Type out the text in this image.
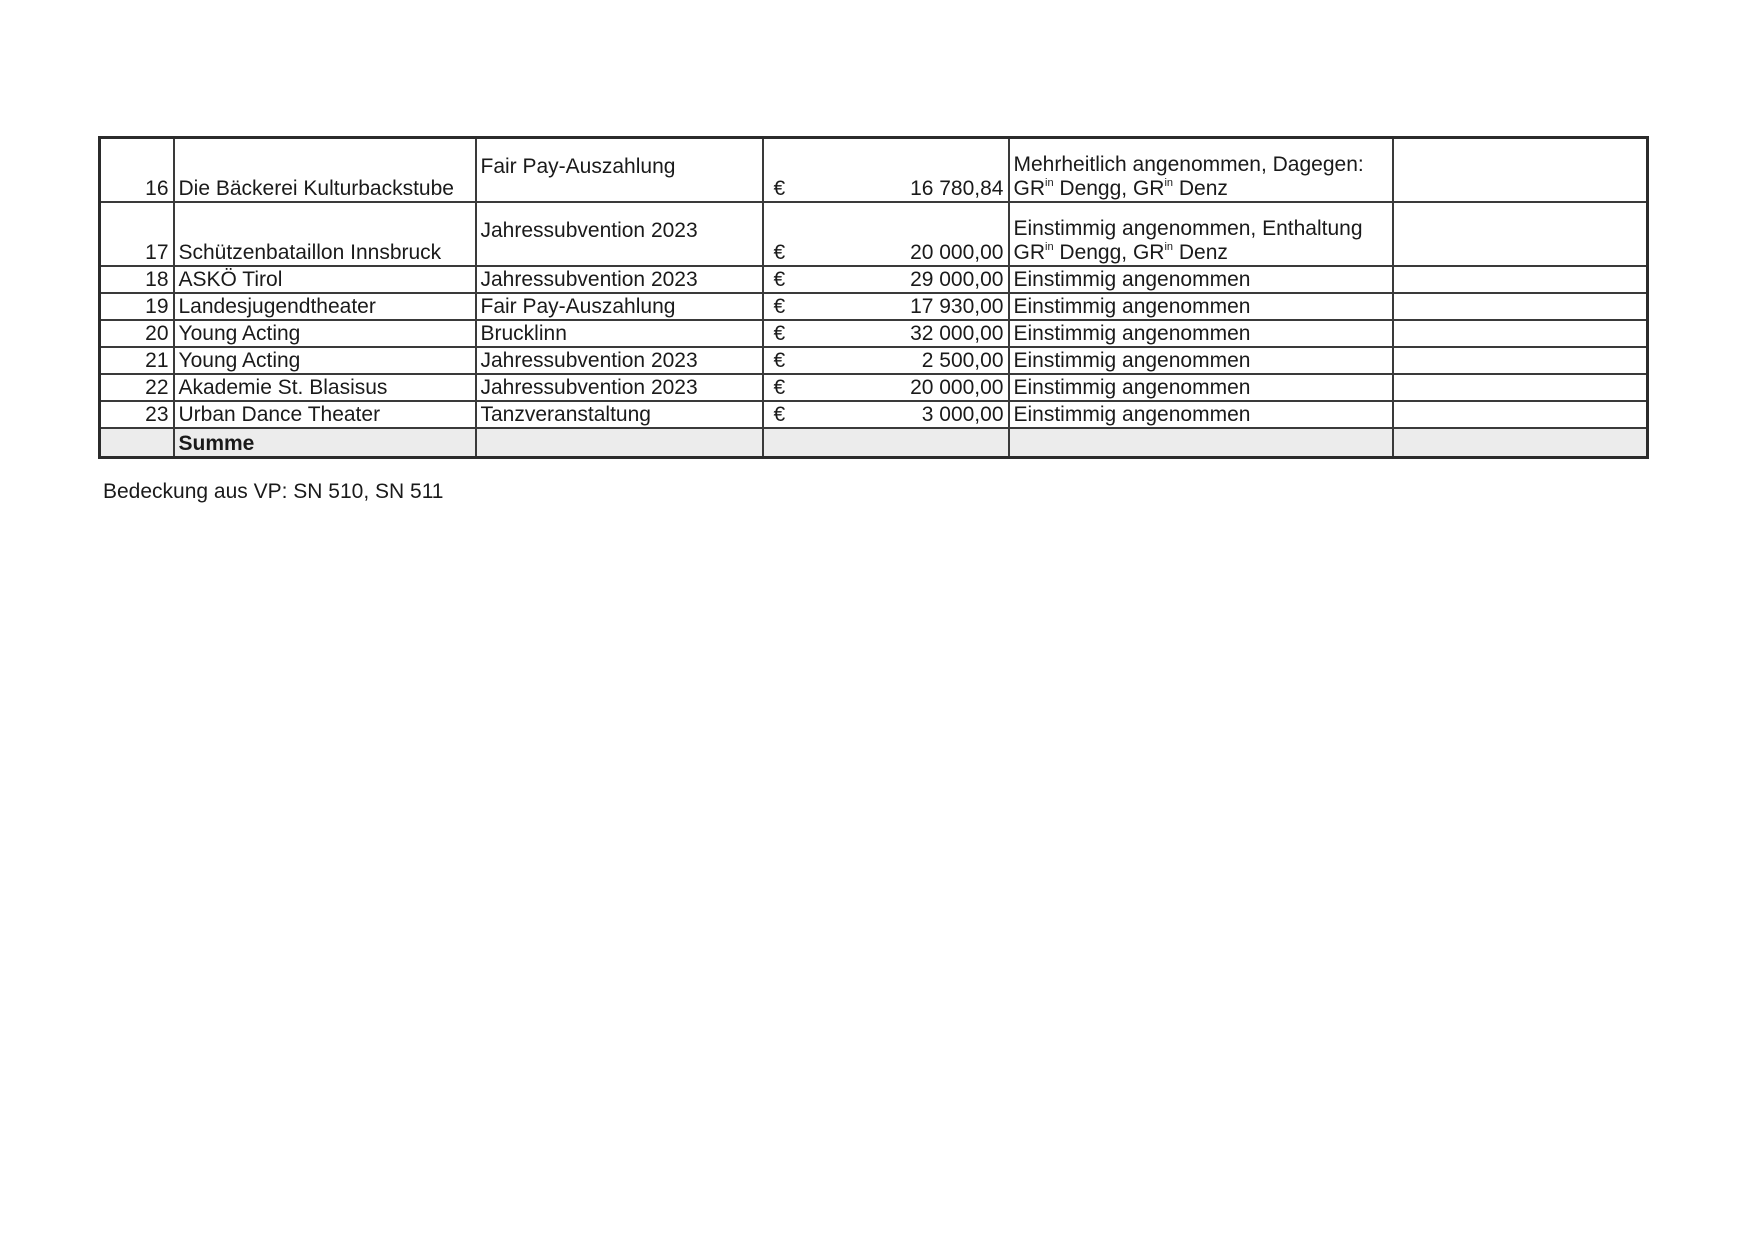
16	Die Bäckerei Kulturbackstube	Fair Pay-Auszahlung	€ 16 780,84	Mehrheitlich angenommen, Dagegen:
$GR^{in}$ Dengg, $GR^{in}$ Denz	

17	Schützenbataillon Innsbruck	Jahressubvention 2023	€ 20 000,00	Einstimmig angenommen, Enthaltung
$GR^{in}$ Dengg, $GR^{in}$ Denz	

18	ASKÖ Tirol	Jahressubvention 2023	€ 29 000,00	Einstimmig angenommen	
19	Landesjugendtheater	Fair Pay-Auszahlung	€ 17 930,00	Einstimmig angenommen	
20	Young Acting	Brucklinn	€ 32 000,00	Einstimmig angenommen	
21	Young Acting	Jahressubvention 2023	€ 2 500,00	Einstimmig angenommen	
22	Akademie St. Blasisus	Jahressubvention 2023	€ 20 000,00	Einstimmig angenommen	
23	Urban Dance Theater	Tanzveranstaltung	€ 3 000,00	Einstimmig angenommen	
	Summe				
Bedeckung aus VP: SN 510, SN 511
